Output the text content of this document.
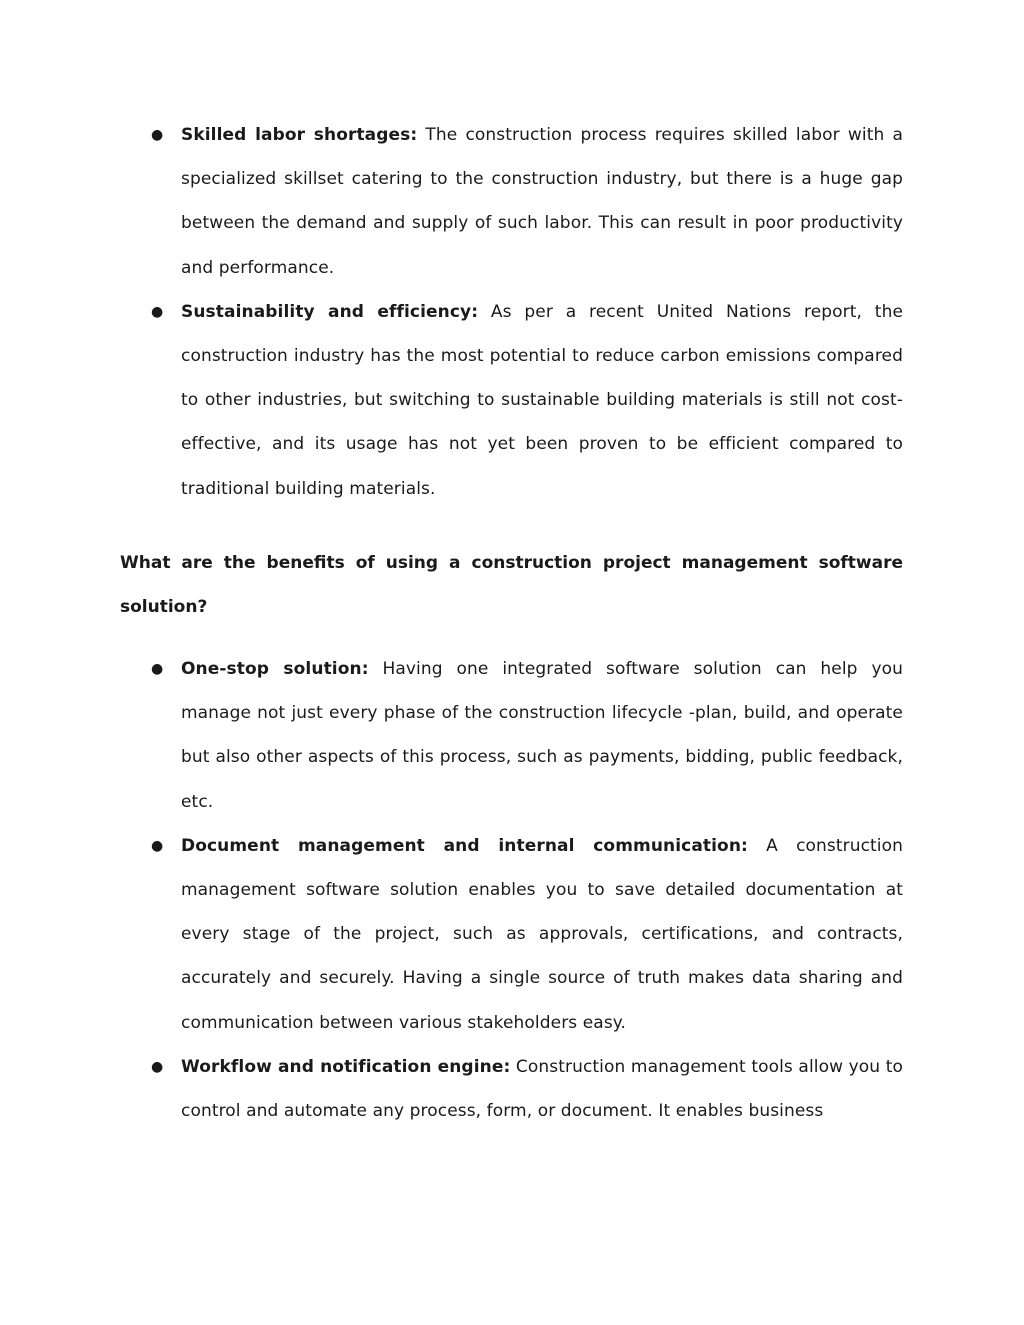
● Skilled labor shortages: The construction process requires skilled labor with a specialized skillset catering to the construction industry, but there is a huge gap between the demand and supply of such labor. This can result in poor productivity and performance.
● Sustainability and efficiency: As per a recent United Nations report, the construction industry has the most potential to reduce carbon emissions compared to other industries, but switching to sustainable building materials is still not cost-effective, and its usage has not yet been proven to be efficient compared to traditional building materials.
What are the benefits of using a construction project management software solution?
● One-stop solution: Having one integrated software solution can help you manage not just every phase of the construction lifecycle -plan, build, and operate but also other aspects of this process, such as payments, bidding, public feedback, etc.
● Document management and internal communication: A construction management software solution enables you to save detailed documentation at every stage of the project, such as approvals, certifications, and contracts, accurately and securely. Having a single source of truth makes data sharing and communication between various stakeholders easy.
● Workflow and notification engine: Construction management tools allow you to control and automate any process, form, or document. It enables business
